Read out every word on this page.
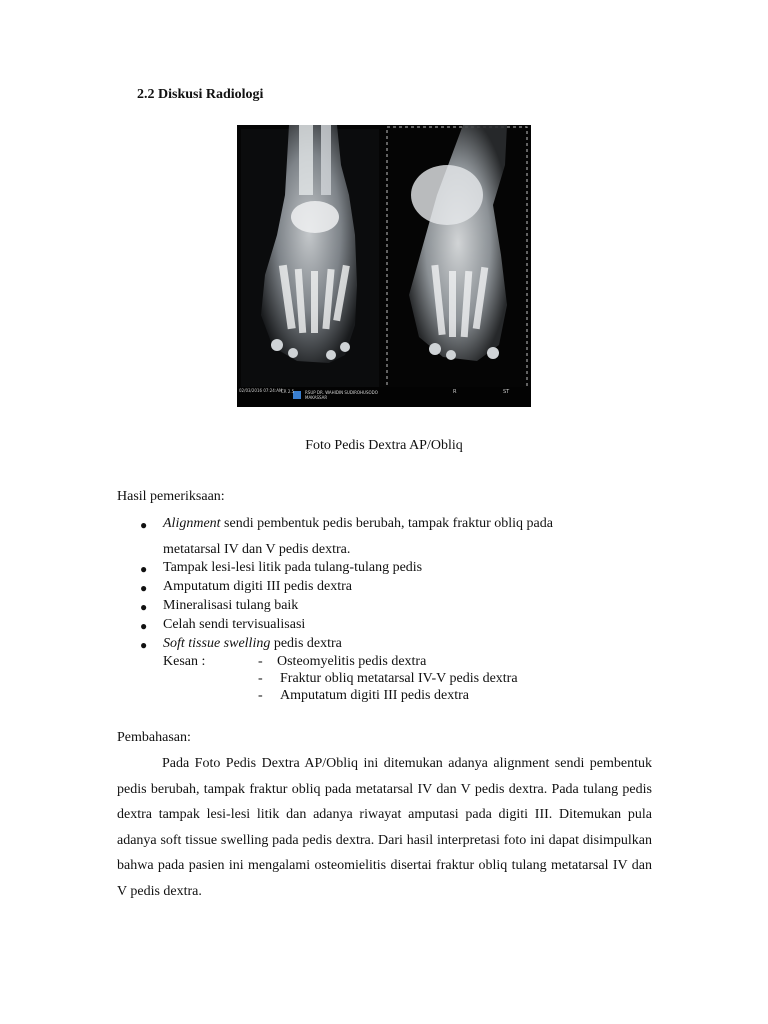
2.2 Diskusi Radiologi
02/03/2016 07:24:AM
CR 2.5	RSUP DR. WAHIDIN SUDIROHUSODO
MAKASSAR
R	ST
Foto Pedis Dextra AP/Obliq
Hasil pemeriksaan:
● Alignment sendi pembentuk pedis berubah, tampak fraktur obliq pada
metatarsal IV dan V pedis dextra.
● Tampak lesi-lesi litik pada tulang-tulang pedis
● Amputatum digiti III pedis dextra
● Mineralisasi tulang baik
● Celah sendi tervisualisasi
● Soft tissue swelling pedis dextra
Kesan :	- Osteomyelitis pedis dextra
- Fraktur obliq metatarsal IV-V pedis dextra
- Amputatum digiti III pedis dextra
Pembahasan:
Pada Foto Pedis Dextra AP/Obliq ini ditemukan adanya alignment sendi pembentuk pedis berubah, tampak fraktur obliq pada metatarsal IV dan V pedis dextra. Pada tulang pedis dextra tampak lesi-lesi litik dan adanya riwayat amputasi pada digiti III. Ditemukan pula adanya soft tissue swelling pada pedis dextra. Dari hasil interpretasi foto ini dapat disimpulkan bahwa pada pasien ini mengalami osteomielitis disertai fraktur obliq tulang metatarsal IV dan V pedis dextra.
